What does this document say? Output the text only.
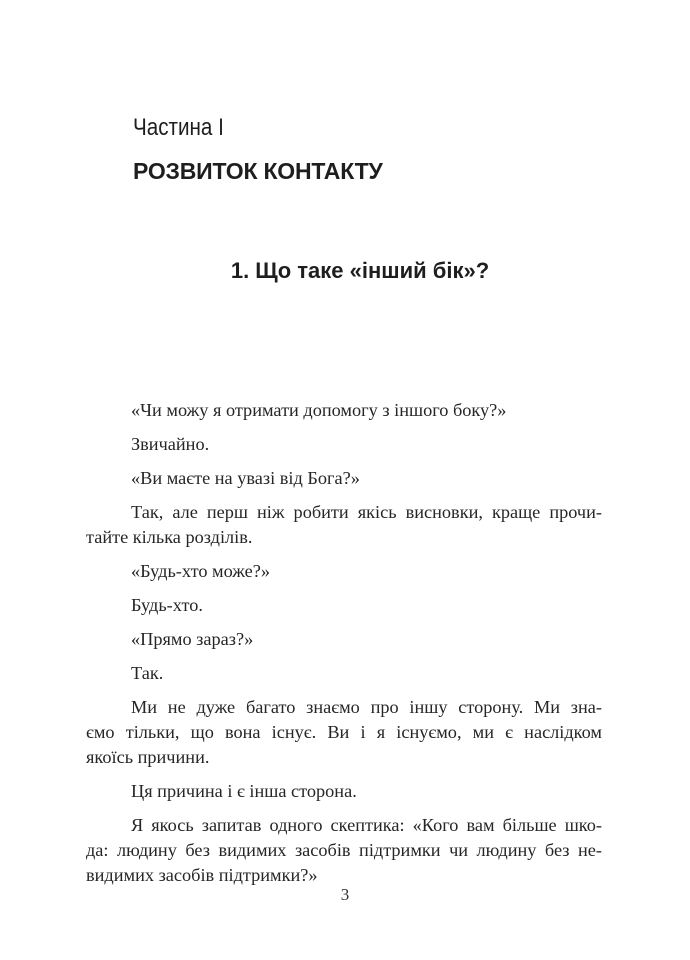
Частина I
РОЗВИТОК КОНТАКТУ
1. Що таке «інший бік»?

«Чи можу я отримати допомогу з іншого боку?»

Звичайно.

«Ви маєте на увазі від Бога?»

Так, але перш ніж робити якісь висновки, краще прочи-
тайте кілька розділів.

«Будь-хто може?»

Будь-хто.

«Прямо зараз?»

Так.

Ми не дуже багато знаємо про іншу сторону. Ми зна-
ємо тільки, що вона існує. Ви і я існуємо, ми є наслідком
якоїсь причини.

Ця причина і є інша сторона.

Я якось запитав одного скептика: «Кого вам більше шко-
да: людину без видимих засобів підтримки чи людину без не-
видимих засобів підтримки?»

3
